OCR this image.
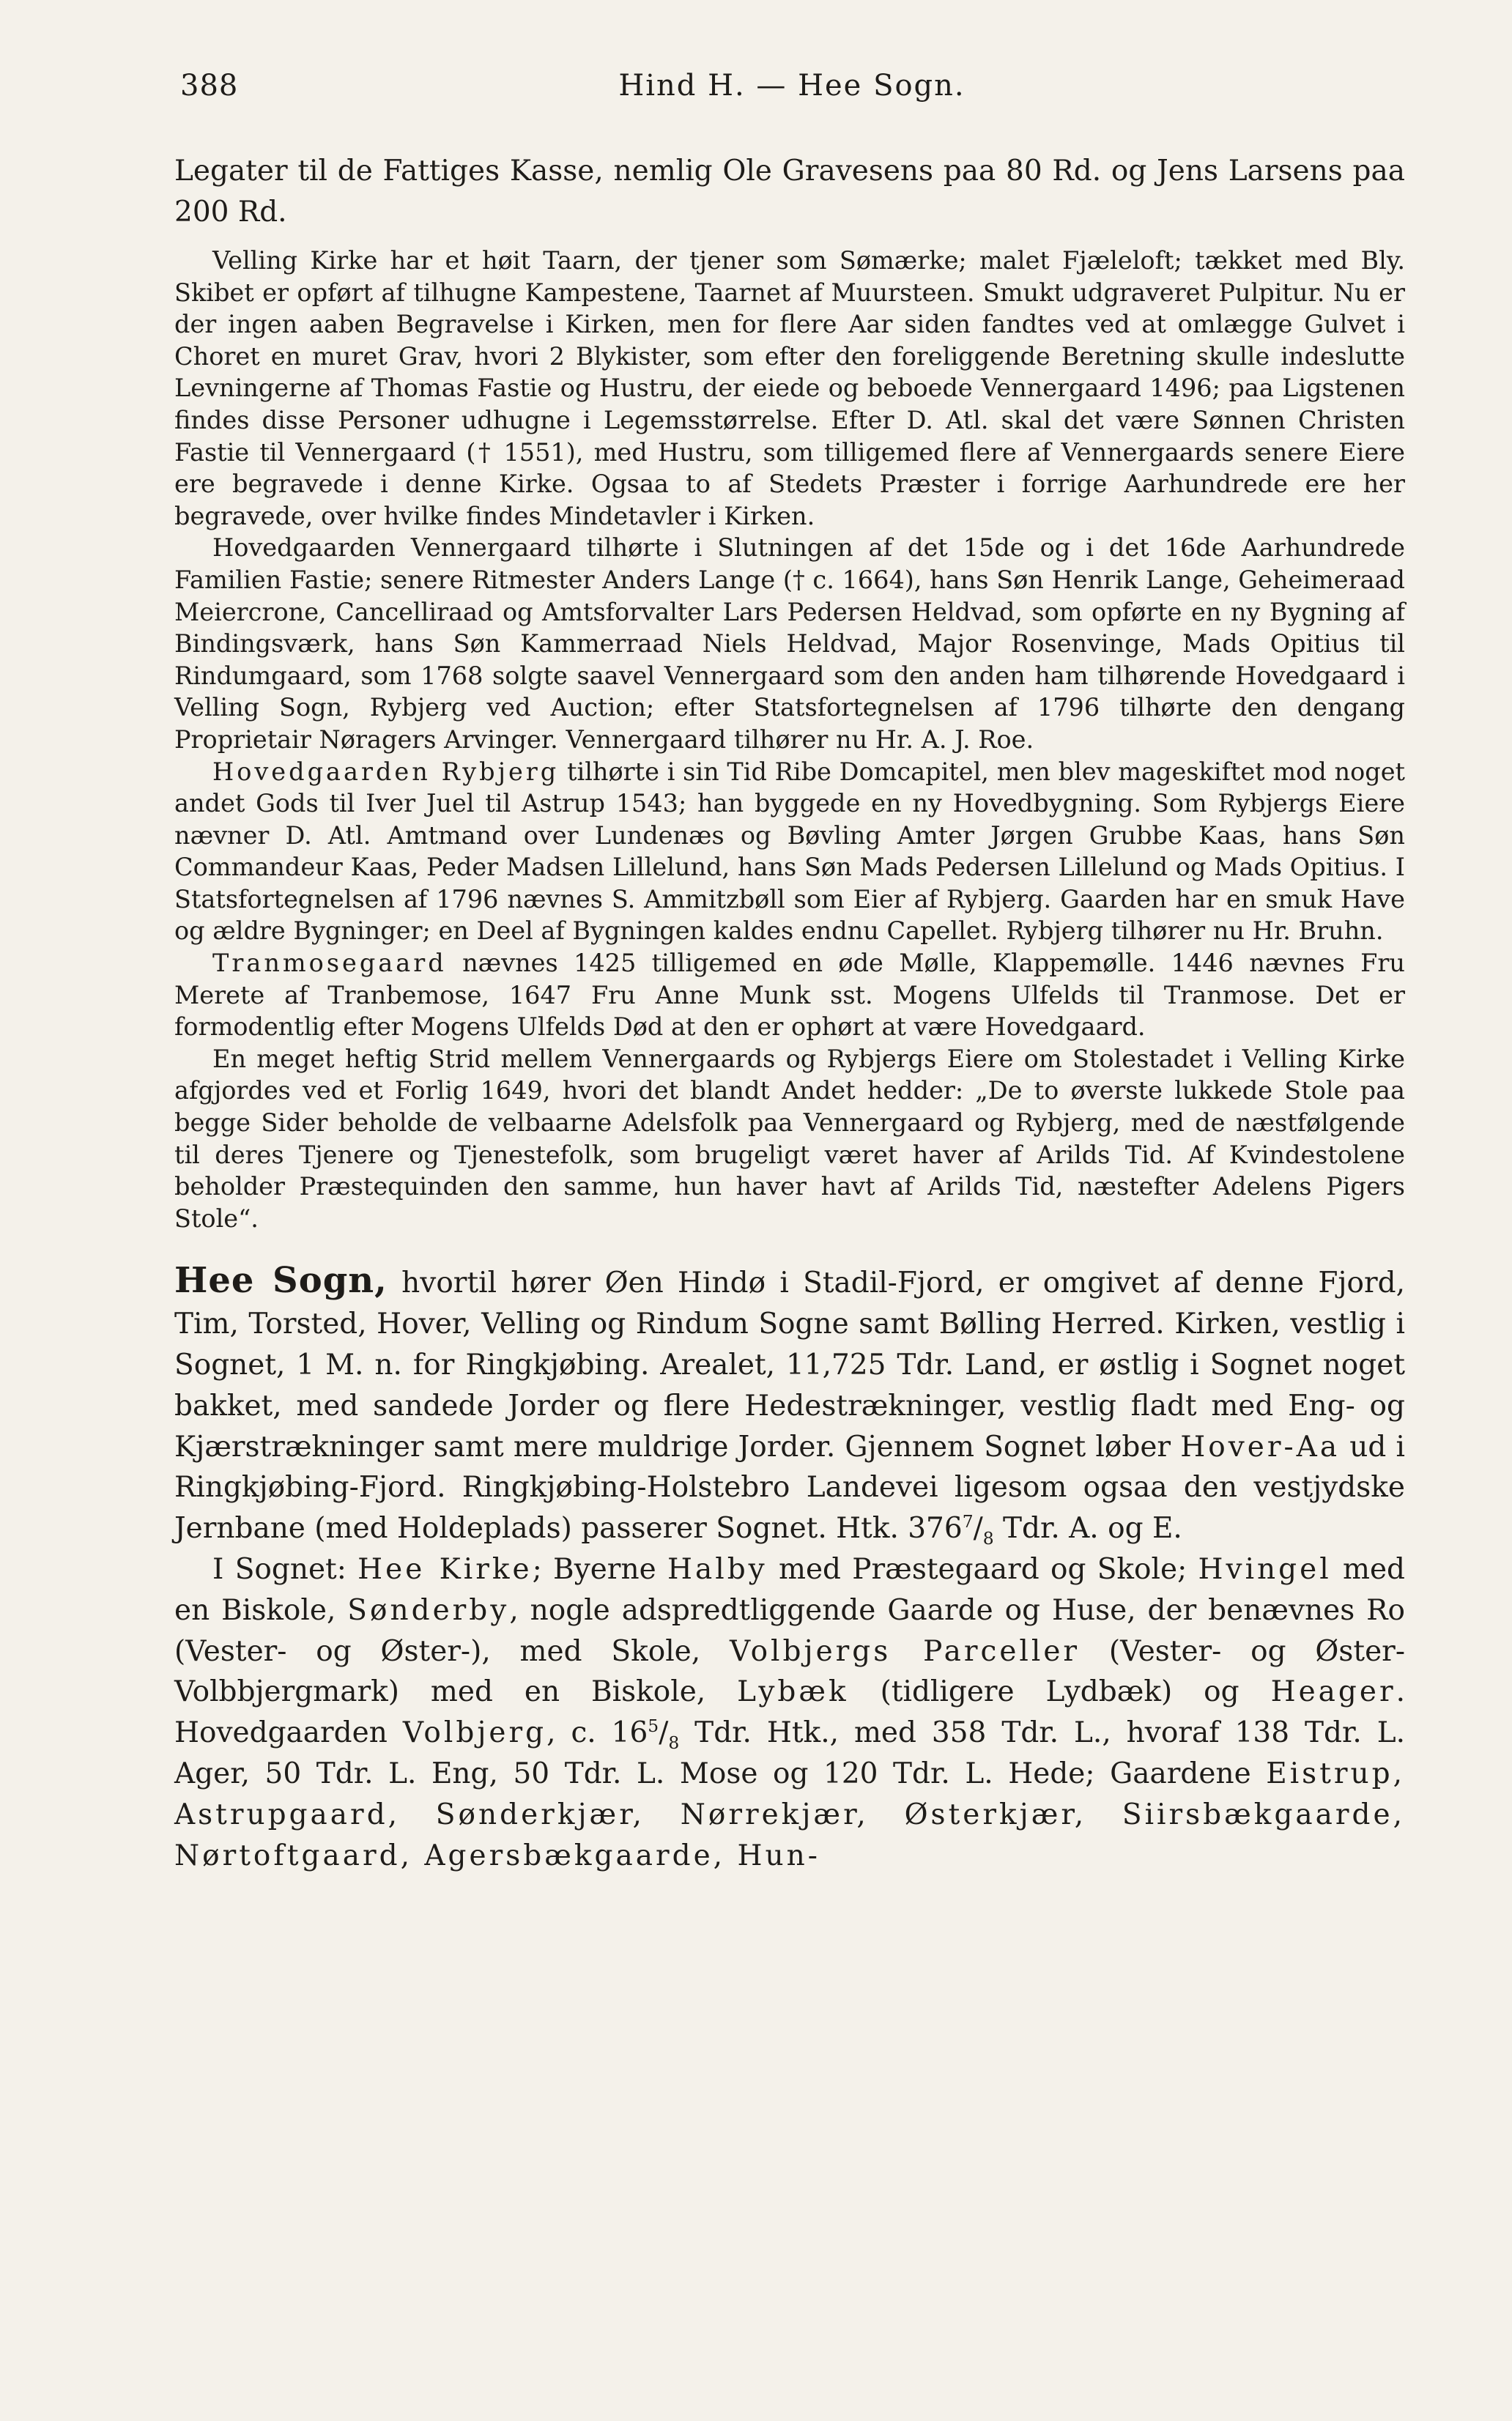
388	Hind H. — Hee Sogn.

Legater til de Fattiges Kasse, nemlig Ole Gravesens paa 80 Rd. og Jens Larsens paa 200 Rd.

Velling Kirke har et høit Taarn, der tjener som Sømærke; malet Fjæleloft; tækket med Bly. Skibet er opført af tilhugne Kampestene, Taarnet af Muursteen. Smukt udgraveret Pulpitur. Nu er der ingen aaben Begravelse i Kirken, men for flere Aar siden fandtes ved at omlægge Gulvet i Choret en muret Grav, hvori 2 Blykister, som efter den foreliggende Beretning skulle indeslutte Levningerne af Thomas Fastie og Hustru, der eiede og beboede Vennergaard 1496; paa Ligstenen findes disse Personer udhugne i Legemsstørrelse. Efter D. Atl. skal det være Sønnen Christen Fastie til Vennergaard († 1551), med Hustru, som tilligemed flere af Vennergaards senere Eiere ere begravede i denne Kirke. Ogsaa to af Stedets Præster i forrige Aarhundrede ere her begravede, over hvilke findes Mindetavler i Kirken.

Hovedgaarden Vennergaard tilhørte i Slutningen af det 15de og i det 16de Aarhundrede Familien Fastie; senere Ritmester Anders Lange († c. 1664), hans Søn Henrik Lange, Geheimeraad Meiercrone, Cancelliraad og Amtsforvalter Lars Pedersen Heldvad, som opførte en ny Bygning af Bindingsværk, hans Søn Kammerraad Niels Heldvad, Major Rosenvinge, Mads Opitius til Rindumgaard, som 1768 solgte saavel Vennergaard som den anden ham tilhørende Hovedgaard i Velling Sogn, Rybjerg ved Auction; efter Statsfortegnelsen af 1796 tilhørte den dengang Proprietair Nøragers Arvinger. Vennergaard tilhører nu Hr. A. J. Roe.

Hovedgaarden Rybjerg tilhørte i sin Tid Ribe Domcapitel, men blev mageskiftet mod noget andet Gods til Iver Juel til Astrup 1543; han byggede en ny Hovedbygning. Som Rybjergs Eiere nævner D. Atl. Amtmand over Lundenæs og Bøvling Amter Jørgen Grubbe Kaas, hans Søn Commandeur Kaas, Peder Madsen Lillelund, hans Søn Mads Pedersen Lillelund og Mads Opitius. I Statsfortegnelsen af 1796 nævnes S. Ammitzbøll som Eier af Rybjerg. Gaarden har en smuk Have og ældre Bygninger; en Deel af Bygningen kaldes endnu Capellet. Rybjerg tilhører nu Hr. Bruhn.

Tranmosegaard nævnes 1425 tilligemed en øde Mølle, Klappemølle. 1446 nævnes Fru Merete af Tranbemose, 1647 Fru Anne Munk sst. Mogens Ulfelds til Tranmose. Det er formodentlig efter Mogens Ulfelds Død at den er ophørt at være Hovedgaard.

En meget heftig Strid mellem Vennergaards og Rybjergs Eiere om Stolestadet i Velling Kirke afgjordes ved et Forlig 1649, hvori det blandt Andet hedder: „De to øverste lukkede Stole paa begge Sider beholde de velbaarne Adelsfolk paa Vennergaard og Rybjerg, med de næstfølgende til deres Tjenere og Tjenestefolk, som brugeligt været haver af Arilds Tid. Af Kvindestolene beholder Præstequinden den samme, hun haver havt af Arilds Tid, næstefter Adelens Pigers Stole“.

Hee Sogn, hvortil hører Øen Hindø i Stadil-Fjord, er omgivet af denne Fjord, Tim, Torsted, Hover, Velling og Rindum Sogne samt Bølling Herred. Kirken, vestlig i Sognet, 1 M. n. for Ringkjøbing. Arealet, 11,725 Tdr. Land, er østlig i Sognet noget bakket, med sandede Jorder og flere Hedestrækninger, vestlig fladt med Eng- og Kjærstrækninger samt mere muldrige Jorder. Gjennem Sognet løber Hover-Aa ud i Ringkjøbing-Fjord. Ringkjøbing-Holstebro Landevei ligesom ogsaa den vestjydske Jernbane (med Holdeplads) passerer Sognet. Htk. $376^7/_8$ Tdr. A. og E.

I Sognet: Hee Kirke; Byerne Halby med Præstegaard og Skole; Hvingel med en Biskole, Sønderby, nogle adspredtliggende Gaarde og Huse, der benævnes Ro (Vester- og Øster-), med Skole, Volbjergs Parceller (Vester- og Øster-Volbbjergmark) med en Biskole, Lybæk (tidligere Lydbæk) og Heager. Hovedgaarden Volbjerg, c. $16^5/_8$ Tdr. Htk., med 358 Tdr. L., hvoraf 138 Tdr. L. Ager, 50 Tdr. L. Eng, 50 Tdr. L. Mose og 120 Tdr. L. Hede; Gaardene Eistrup, Astrupgaard, Sønderkjær, Nørrekjær, Østerkjær, Siirsbækgaarde, Nørtoftgaard, Agersbækgaarde, Hun-
